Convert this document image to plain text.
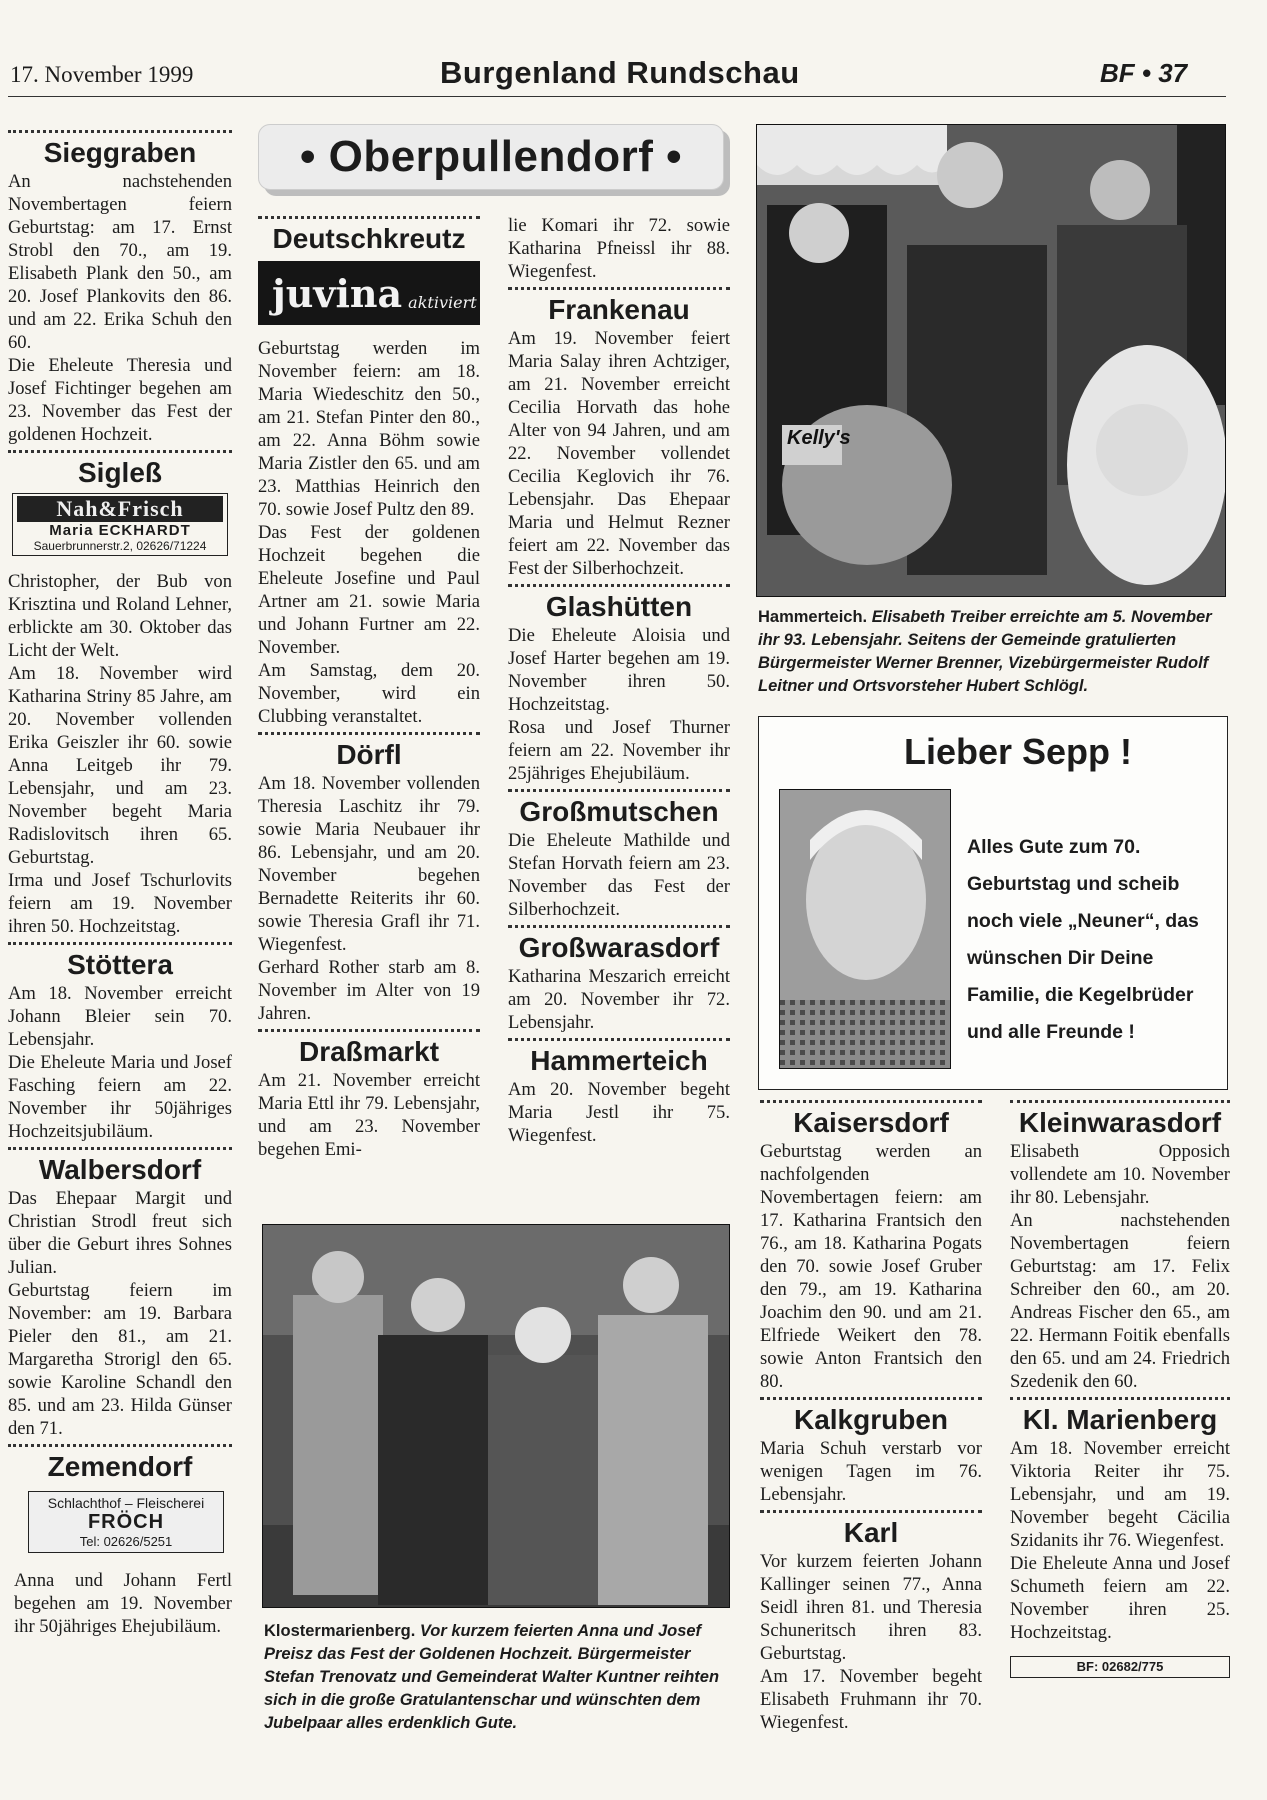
17. November 1999	Burgenland Rundschau	BF • 37
• Oberpullendorf •
Sieggraben
An nachstehenden Novembertagen feiern Geburtstag: am 17. Ernst Strobl den 70., am 19. Elisabeth Plank den 50., am 20. Josef Plankovits den 86. und am 22. Erika Schuh den 60.
Die Eheleute Theresia und Josef Fichtinger begehen am 23. November das Fest der goldenen Hochzeit.
Sigleß
Nah&Frisch
Maria ECKHARDT
Sauerbrunnerstr.2, 02626/71224
Christopher, der Bub von Krisztina und Roland Lehner, erblickte am 30. Oktober das Licht der Welt.
Am 18. November wird Katharina Striny 85 Jahre, am 20. November vollenden Erika Geiszler ihr 60. sowie Anna Leitgeb ihr 79. Lebensjahr, und am 23. November begeht Maria Radislovitsch ihren 65. Geburtstag.
Irma und Josef Tschurlovits feiern am 19. November ihren 50. Hochzeitstag.
Stöttera
Am 18. November erreicht Johann Bleier sein 70. Lebensjahr.
Die Eheleute Maria und Josef Fasching feiern am 22. November ihr 50jähriges Hochzeitsjubiläum.
Walbersdorf
Das Ehepaar Margit und Christian Strodl freut sich über die Geburt ihres Sohnes Julian.
Geburtstag feiern im November: am 19. Barbara Pieler den 81., am 21. Margaretha Strorigl den 65. sowie Karoline Schandl den 85. und am 23. Hilda Günser den 71.
Zemendorf
Schlachthof – Fleischerei
FRÖCH
Tel: 02626/5251
Anna und Johann Fertl begehen am 19. November ihr 50jähriges Ehejubiläum.
Deutschkreutz
juvina aktiviert
Geburtstag werden im November feiern: am 18. Maria Wiedeschitz den 50., am 21. Stefan Pinter den 80., am 22. Anna Böhm sowie Maria Zistler den 65. und am 23. Matthias Heinrich den 70. sowie Josef Pultz den 89.
Das Fest der goldenen Hochzeit begehen die Eheleute Josefine und Paul Artner am 21. sowie Maria und Johann Furtner am 22. November.
Am Samstag, dem 20. November, wird ein Clubbing veranstaltet.
Dörfl
Am 18. November vollenden Theresia Laschitz ihr 79. sowie Maria Neubauer ihr 86. Lebensjahr, und am 20. November begehen Bernadette Reiterits ihr 60. sowie Theresia Grafl ihr 71. Wiegenfest.
Gerhard Rother starb am 8. November im Alter von 19 Jahren.
Draßmarkt
Am 21. November erreicht Maria Ettl ihr 79. Lebensjahr, und am 23. November begehen Emi-
lie Komari ihr 72. sowie Katharina Pfneissl ihr 88. Wiegenfest.
Frankenau
Am 19. November feiert Maria Salay ihren Achtziger, am 21. November erreicht Cecilia Horvath das hohe Alter von 94 Jahren, und am 22. November vollendet Cecilia Keglovich ihr 76. Lebensjahr. Das Ehepaar Maria und Helmut Rezner feiert am 22. November das Fest der Silberhochzeit.
Glashütten
Die Eheleute Aloisia und Josef Harter begehen am 19. November ihren 50. Hochzeitstag.
Rosa und Josef Thurner feiern am 22. November ihr 25jähriges Ehejubiläum.
Großmutschen
Die Eheleute Mathilde und Stefan Horvath feiern am 23. November das Fest der Silberhochzeit.
Großwarasdorf
Katharina Meszarich erreicht am 20. November ihr 72. Lebensjahr.
Hammerteich
Am 20. November begeht Maria Jestl ihr 75. Wiegenfest.
Kelly's
Hammerteich. Elisabeth Treiber erreichte am 5. November ihr 93. Lebensjahr. Seitens der Gemeinde gratulierten Bürgermeister Werner Brenner, Vizebürgermeister Rudolf Leitner und Ortsvorsteher Hubert Schlögl.
Lieber Sepp !
Alles Gute zum 70.
Geburtstag und scheib
noch viele „Neuner“, das
wünschen Dir Deine
Familie, die Kegelbrüder
und alle Freunde !
Klostermarienberg. Vor kurzem feierten Anna und Josef Preisz das Fest der Goldenen Hochzeit. Bürgermeister Stefan Trenovatz und Gemeinderat Walter Kuntner reihten sich in die große Gratulantenschar und wünschten dem Jubelpaar alles erdenklich Gute.
Kaisersdorf
Geburtstag werden an nachfolgenden Novembertagen feiern: am 17. Katharina Frantsich den 76., am 18. Katharina Pogats den 70. sowie Josef Gruber den 79., am 19. Katharina Joachim den 90. und am 21. Elfriede Weikert den 78. sowie Anton Frantsich den 80.
Kalkgruben
Maria Schuh verstarb vor wenigen Tagen im 76. Lebensjahr.
Karl
Vor kurzem feierten Johann Kallinger seinen 77., Anna Seidl ihren 81. und Theresia Schuneritsch ihren 83. Geburtstag.
Am 17. November begeht Elisabeth Fruhmann ihr 70. Wiegenfest.
Kleinwarasdorf
Elisabeth Opposich vollendete am 10. November ihr 80. Lebensjahr.
An nachstehenden Novembertagen feiern Geburtstag: am 17. Felix Schreiber den 60., am 20. Andreas Fischer den 65., am 22. Hermann Foitik ebenfalls den 65. und am 24. Friedrich Szedenik den 60.
Kl. Marienberg
Am 18. November erreicht Viktoria Reiter ihr 75. Lebensjahr, und am 19. November begeht Cäcilia Szidanits ihr 76. Wiegenfest.
Die Eheleute Anna und Josef Schumeth feiern am 22. November ihren 25. Hochzeitstag.
BF: 02682/775
